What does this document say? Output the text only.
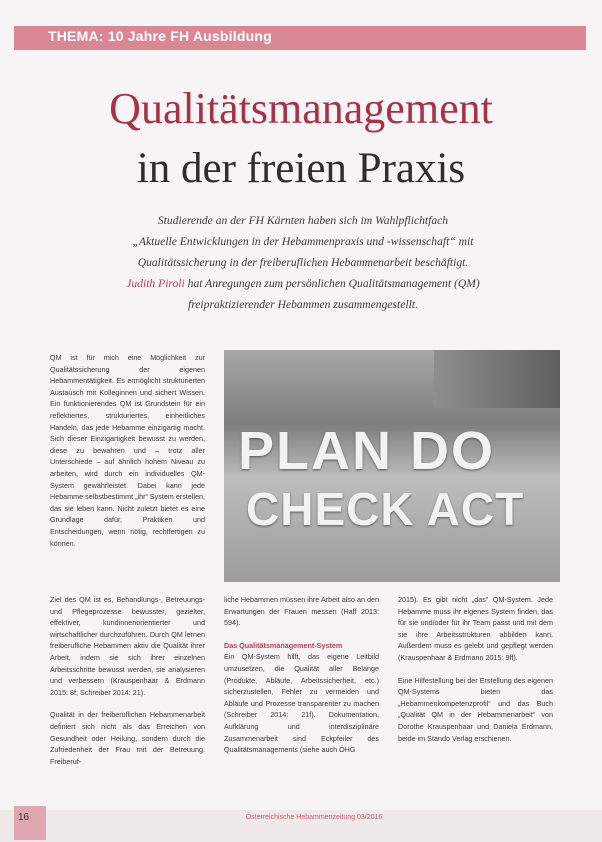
THEMA: 10 Jahre FH Ausbildung
Qualitätsmanagement
in der freien Praxis
Studierende an der FH Kärnten haben sich im Wahlpflichtfach
„Aktuelle Entwicklungen in der Hebammenpraxis und -wissenschaft“ mit
Qualitätssicherung in der freiberuflichen Hebammenarbeit beschäftigt.
Judith Piroli hat Anregungen zum persönlichen Qualitätsmanagement (QM)
freipraktizierender Hebammen zusammengestellt.

QM ist für mich eine Möglichkeit zur Qualitätssicherung der eigenen Hebammentätigkeit. Es ermöglicht strukturierten Austausch mit Kolleginnen und sichert Wissen. Ein funktionierendes QM ist Grundstein für ein reflektiertes, strukturiertes, einheitliches Handeln, das jede Hebamme einzigartig macht. Sich dieser Einzigartigkeit bewusst zu werden, diese zu bewahren und – trotz aller Unterschiede – auf ähnlich hohem Niveau zu arbeiten, wird durch ein individuelles QM-System gewährleistet. Dabei kann jede Hebamme selbstbestimmt „ihr“ System erstellen, das sie leben kann. Nicht zuletzt bietet es eine Grundlage dafür, Praktiken und Entscheidungen, wenn nötig, rechtfertigen zu können.

PLAN DO
CHECK ACT

Ziel des QM ist es, Behandlungs-, Betreuungs- und Pflegeprozesse bewusster, gezielter, effektiver, kundinnenorientierter und wirtschaftlicher durchzuführen. Durch QM lernen freiberufliche Hebammen aktiv die Qualität ihrer Arbeit, indem sie sich ihrer einzelnen Arbeitsschritte bewusst werden, sie analysieren und verbessern (Krauspenhaar & Erdmann 2015: 8f; Schreiber 2014: 21).

Qualität in der freiberuflichen Hebammenarbeit definiert sich nicht als das Erreichen von Gesundheit oder Heilung, sondern durch die Zufriedenheit der Frau mit der Betreuung. Freiberuf-

liche Hebammen müssen ihre Arbeit also an den Erwartungen der Frauen messen (Haff 2013: 594).

Das Qualitätsmanagement-System
Ein QM-System hilft, das eigene Leitbild umzusetzen, die Qualität aller Belange (Produkte, Abläufe, Arbeitssicherheit, etc.) sicherzustellen, Fehler zu vermeiden und Abläufe und Prozesse transparenter zu machen (Schreiber 2014: 21f). Dokumentation, Aufklärung und interdisziplinäre Zusammenarbeit sind Eckpfeiler des Qualitätsmanagements (siehe auch ÖHG

2015). Es gibt nicht „das“ QM-System. Jede Hebamme muss ihr eigenes System finden, das für sie und/oder für ihr Team passt und mit dem sie ihre Arbeitsstrukturen abbilden kann. Außerdem muss es gelebt und gepflegt werden (Krauspenhaar & Erdmann 2015: 9ff).

Eine Hilfestellung bei der Erstellung des eigenen QM-Systems bieten das „Hebammenkompetenzprofil“ und das Buch „Qualität QM in der Hebammenarbeit“ von Dorothe Krauspenhaar und Daniela Erdmann, beide im Stando Verlag erschienen.

16	Österreichische Hebammenzeitung 03/2016
